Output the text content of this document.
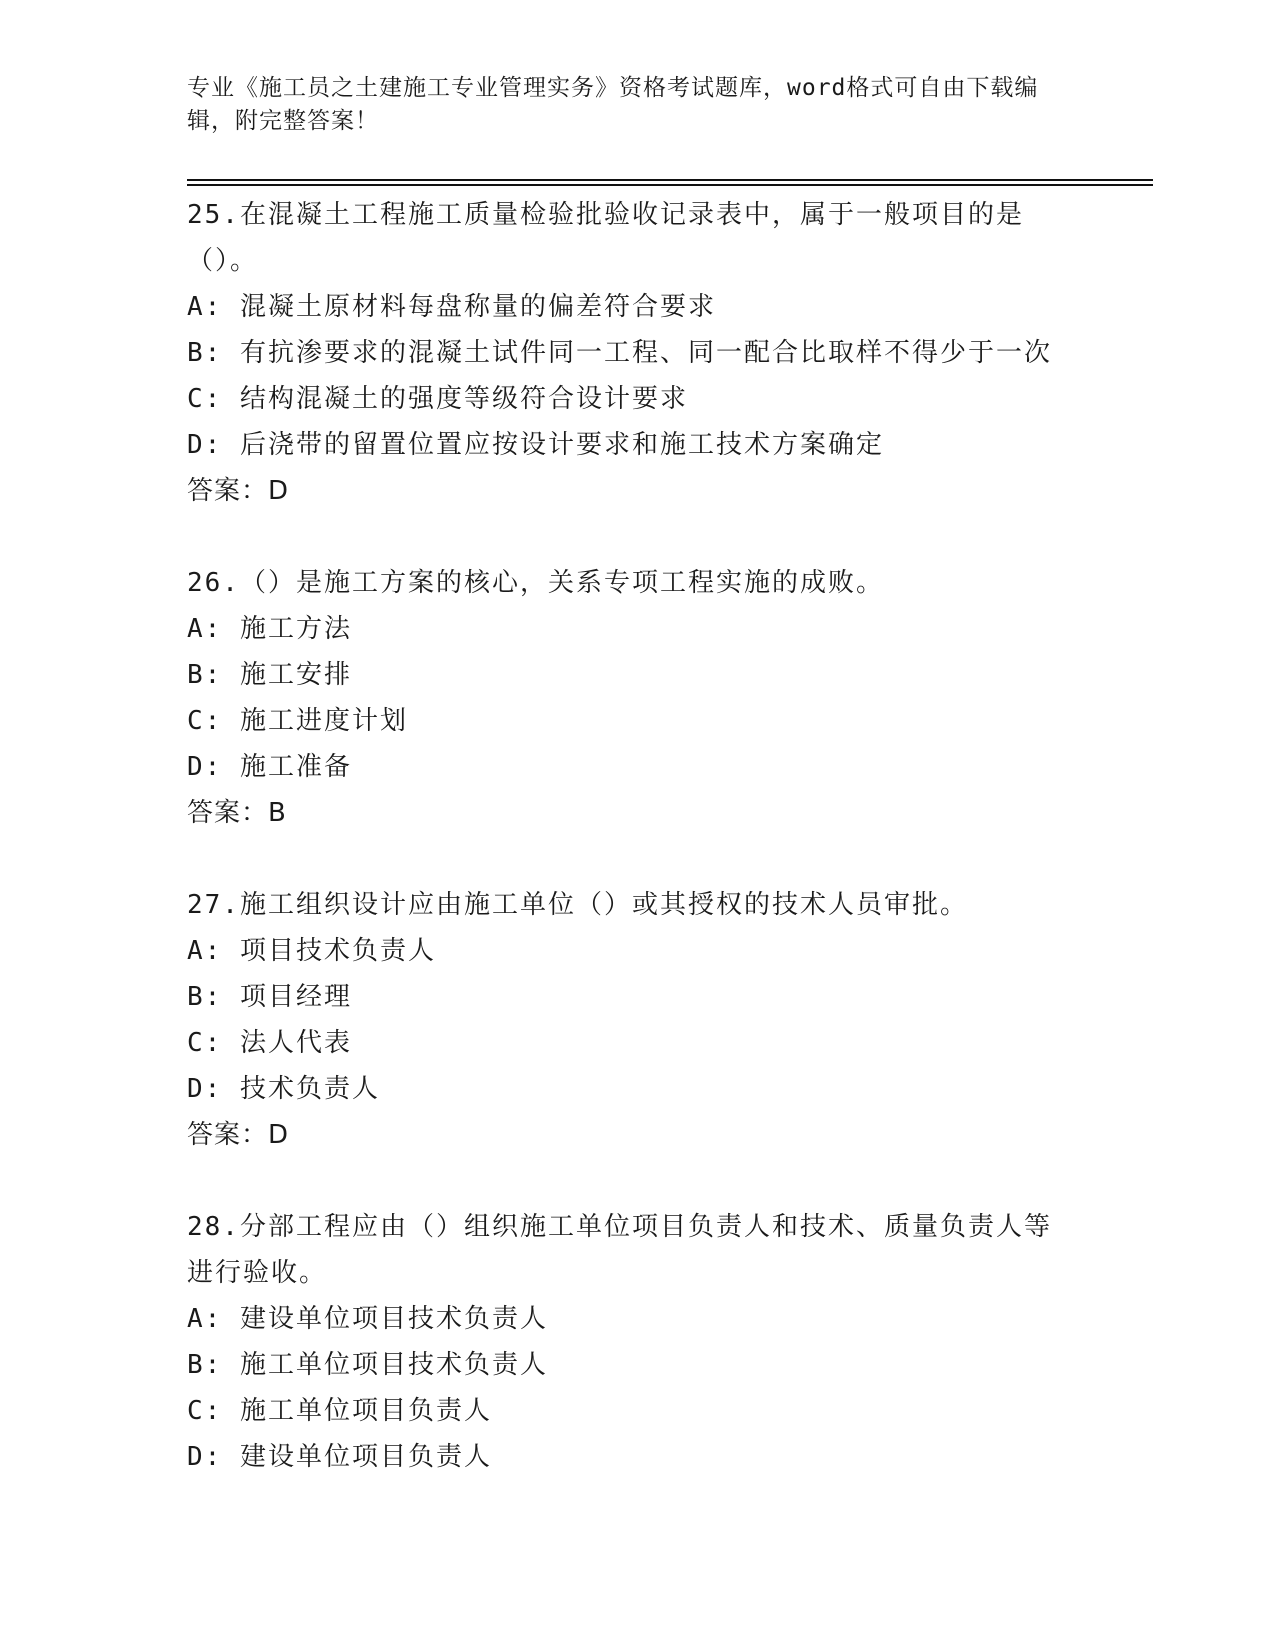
专业《施工员之土建施工专业管理实务》资格考试题库，word格式可自由下载编辑，附完整答案！
25.在混凝土工程施工质量检验批验收记录表中，属于一般项目的是（）。
A: 混凝土原材料每盘称量的偏差符合要求
B: 有抗渗要求的混凝土试件同一工程、同一配合比取样不得少于一次
C: 结构混凝土的强度等级符合设计要求
D: 后浇带的留置位置应按设计要求和施工技术方案确定
答案：D
26.（）是施工方案的核心，关系专项工程实施的成败。
A: 施工方法
B: 施工安排
C: 施工进度计划
D: 施工准备
答案：B
27.施工组织设计应由施工单位（）或其授权的技术人员审批。
A: 项目技术负责人
B: 项目经理
C: 法人代表
D: 技术负责人
答案：D
28.分部工程应由（）组织施工单位项目负责人和技术、质量负责人等进行验收。
A: 建设单位项目技术负责人
B: 施工单位项目技术负责人
C: 施工单位项目负责人
D: 建设单位项目负责人
